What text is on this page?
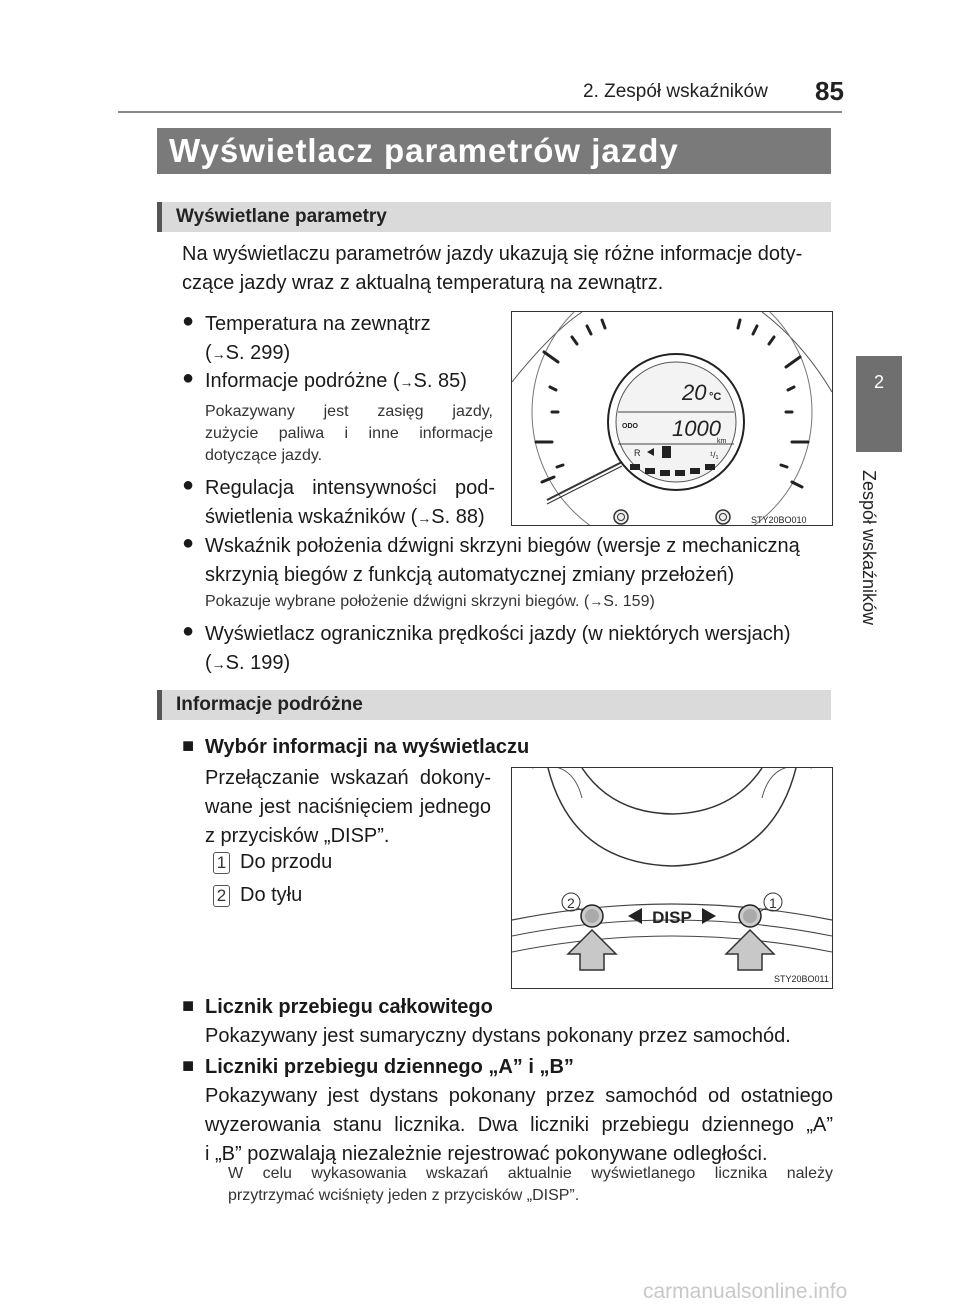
2. Zespół wskaźników 85
2
Zespół wskaźników
Wyświetlacz parametrów jazdy
Wyświetlane parametry
Na wyświetlaczu parametrów jazdy ukazują się różne informacje doty-
czące jazdy wraz z aktualną temperaturą na zewnątrz.
● Temperatura na zewnątrz
(→S. 299)
● Informacje podróżne (→S. 85)
Pokazywany jest zasięg jazdy,
zużycie paliwa i inne informacje
dotyczące jazdy.
● Regulacja intensywności pod-
świetlenia wskaźników (→S. 88)
20 °C
ODO 1000
km
R	¹/₁
STY20BO010
● Wskaźnik położenia dźwigni skrzyni biegów (wersje z mechaniczną
skrzynią biegów z funkcją automatycznej zmiany przełożeń)
Pokazuje wybrane położenie dźwigni skrzyni biegów. (→S. 159)
● Wyświetlacz ogranicznika prędkości jazdy (w niektórych wersjach)
(→S. 199)
Informacje podróżne
■ Wybór informacji na wyświetlaczu
Przełączanie wskazań dokony-
wane jest naciśnięciem jednego
z przycisków „DISP”.
1 Do przodu
2 Do tyłu	2	1
DISP
STY20BO011
■ Licznik przebiegu całkowitego
Pokazywany jest sumaryczny dystans pokonany przez samochód.
■ Liczniki przebiegu dziennego „A” i „B”
Pokazywany jest dystans pokonany przez samochód od ostatniego
wyzerowania stanu licznika. Dwa liczniki przebiegu dziennego „A”
i „B” pozwalają niezależnie rejestrować pokonywane odległości.
W celu wykasowania wskazań aktualnie wyświetlanego licznika należy
przytrzymać wciśnięty jeden z przycisków „DISP”.
carmanualsonline.info
